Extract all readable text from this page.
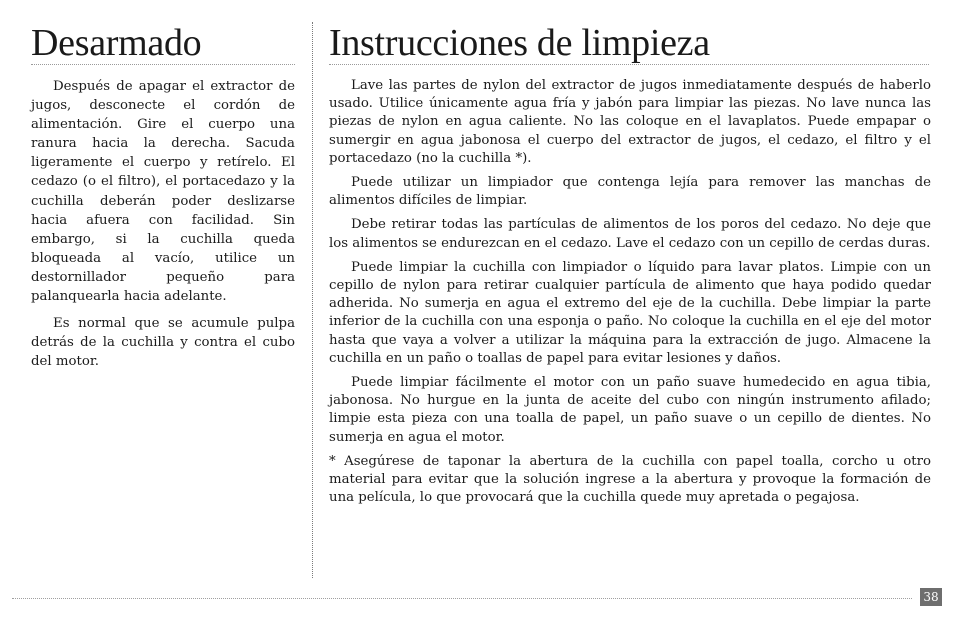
Desarmado

Después de apagar el extractor de jugos, desconecte el cordón de alimentación. Gire el cuerpo una ranura hacia la derecha. Sacuda ligeramente el cuerpo y retírelo. El cedazo (o el filtro), el portacedazo y la cuchilla deberán poder deslizarse hacia afuera con facilidad. Sin embargo, si la cuchilla queda bloqueada al vacío, utilice un destornillador pequeño para palanquearla hacia adelante.

Es normal que se acumule pulpa detrás de la cuchilla y contra el cubo del motor.

Instrucciones de limpieza

Lave las partes de nylon del extractor de jugos inmediatamente después de haberlo usado. Utilice únicamente agua fría y jabón para limpiar las piezas. No lave nunca las piezas de nylon en agua caliente. No las coloque en el lavaplatos. Puede empapar o sumergir en agua jabonosa el cuerpo del extractor de jugos, el cedazo, el filtro y el portacedazo (no la cuchilla *).

Puede utilizar un limpiador que contenga lejía para remover las manchas de alimentos difíciles de limpiar.

Debe retirar todas las partículas de alimentos de los poros del cedazo. No deje que los alimentos se endurezcan en el cedazo. Lave el cedazo con un cepillo de cerdas duras.

Puede limpiar la cuchilla con limpiador o líquido para lavar platos. Limpie con un cepillo de nylon para retirar cualquier partícula de alimento que haya podido quedar adherida. No sumerja en agua el extremo del eje de la cuchilla. Debe limpiar la parte inferior de la cuchilla con una esponja o paño. No coloque la cuchilla en el eje del motor hasta que vaya a volver a utilizar la máquina para la extracción de jugo. Almacene la cuchilla en un paño o toallas de papel para evitar lesiones y daños.

Puede limpiar fácilmente el motor con un paño suave humedecido en agua tibia, jabonosa. No hurgue en la junta de aceite del cubo con ningún instrumento afilado; limpie esta pieza con una toalla de papel, un paño suave o un cepillo de dientes. No sumerja en agua el motor.

* Asegúrese de taponar la abertura de la cuchilla con papel toalla, corcho u otro material para evitar que la solución ingrese a la abertura y provoque la formación de una película, lo que provocará que la cuchilla quede muy apretada o pegajosa.

38
